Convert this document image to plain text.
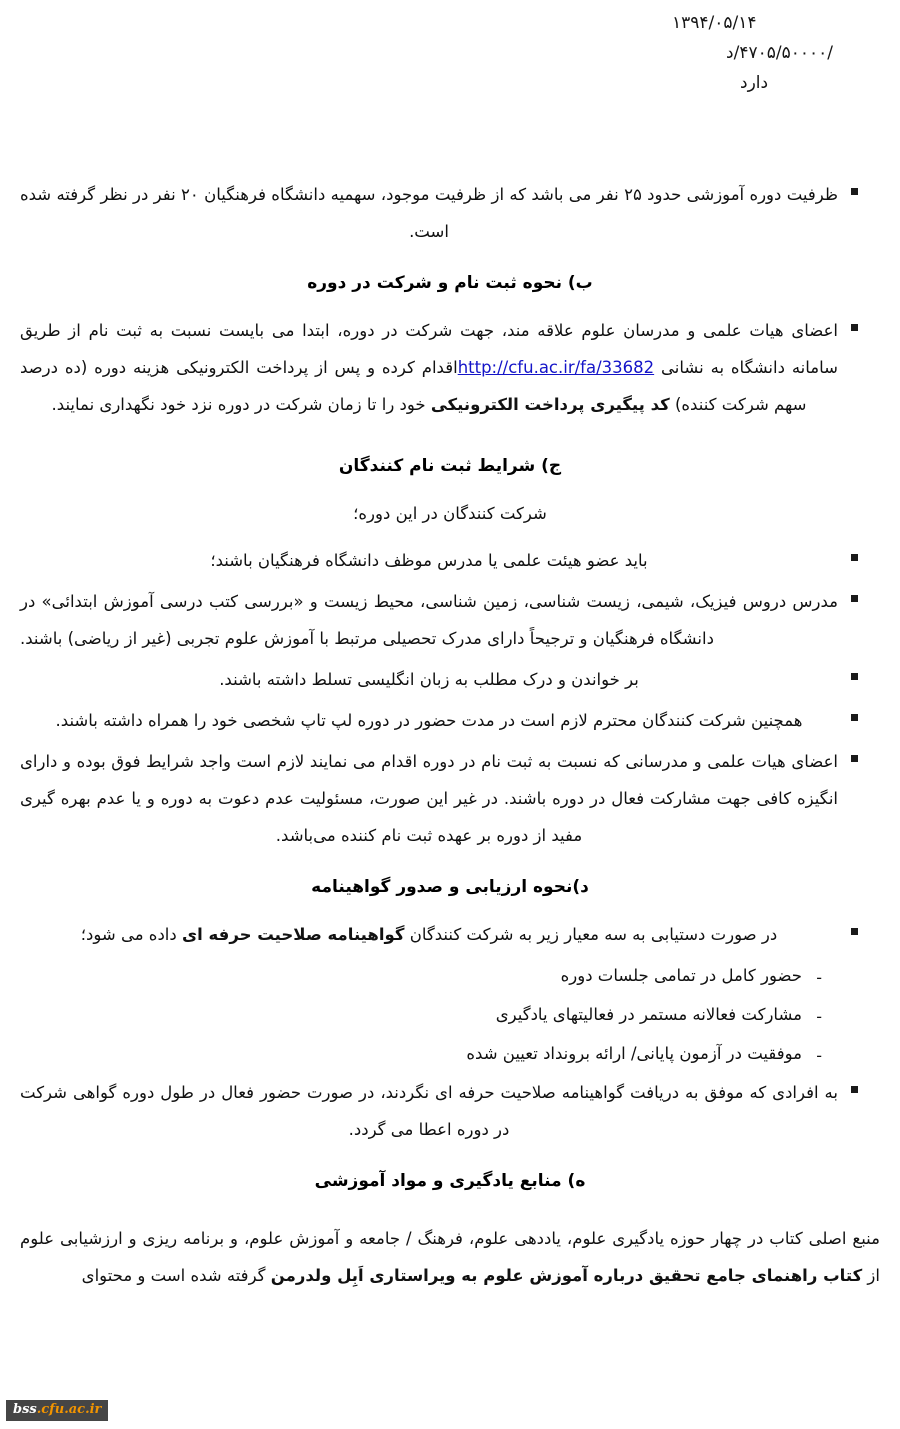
۱۳۹۴/۰۵/۱۴
/۴۷۰۵/۵۰۰۰۰/د
دارد

ظرفیت دوره آموزشی حدود ۲۵ نفر می باشد که از ظرفیت موجود، سهمیه دانشگاه فرهنگیان ۲۰ نفر در نظر گرفته شده است.

ب) نحوه ثبت نام و شرکت در دوره

اعضای هیات علمی و مدرسان علوم علاقه مند، جهت شرکت در دوره، ابتدا می بایست نسبت به ثبت نام از طریق سامانه دانشگاه به نشانی http://cfu.ac.ir/fa/33682اقدام کرده و پس از پرداخت الکترونیکی هزینه دوره (ده درصد سهم شرکت کننده) کد پیگیری پرداخت الکترونیکی خود را تا زمان شرکت در دوره نزد خود نگهداری نمایند.

ج) شرایط ثبت نام کنندگان

شرکت کنندگان در این دوره؛

باید عضو هیئت علمی یا مدرس موظف دانشگاه فرهنگیان باشند؛

مدرس دروس فیزیک، شیمی، زیست شناسی، زمین شناسی، محیط زیست و «بررسی کتب درسی آموزش ابتدائی» در دانشگاه فرهنگیان و ترجیحاً دارای مدرک تحصیلی مرتبط با آموزش علوم تجربی (غیر از ریاضی) باشند.

بر خواندن و درک مطلب به زبان انگلیسی تسلط داشته باشند.

همچنین شرکت کنندگان محترم لازم است در مدت حضور در دوره لپ تاپ شخصی خود را همراه داشته باشند.

اعضای هیات علمی و مدرسانی که نسبت به ثبت نام در دوره اقدام می نمایند لازم است واجد شرایط فوق بوده و دارای انگیزه کافی جهت مشارکت فعال در دوره باشند. در غیر این صورت، مسئولیت عدم دعوت به دوره و یا عدم بهره گیری مفید از دوره بر عهده ثبت نام کننده می‌باشد.

د)نحوه ارزیابی و صدور گواهینامه

در صورت دستیابی به سه معیار زیر به شرکت کنندگان گواهینامه صلاحیت حرفه ای داده می شود؛

-

حضور کامل در تمامی جلسات دوره

-

مشارکت فعالانه مستمر در فعالیتهای یادگیری

-

موفقیت در آزمون پایانی/ ارائه برونداد تعیین شده

به افرادی که موفق به دریافت گواهینامه صلاحیت حرفه ای نگردند، در صورت حضور فعال در طول دوره گواهی شرکت در دوره اعطا می گردد.

ه) منابع یادگیری و مواد آموزشی

منبع اصلی کتاب در چهار حوزه یادگیری علوم، یاددهی علوم، فرهنگ / جامعه و آموزش علوم، و برنامه ریزی و ارزشیابی علوم از کتاب راهنمای جامع تحقیق درباره آموزش علوم به ویراستاری اَبِل ولدرمن گرفته شده است و محتوای

bss.cfu.ac.ir
